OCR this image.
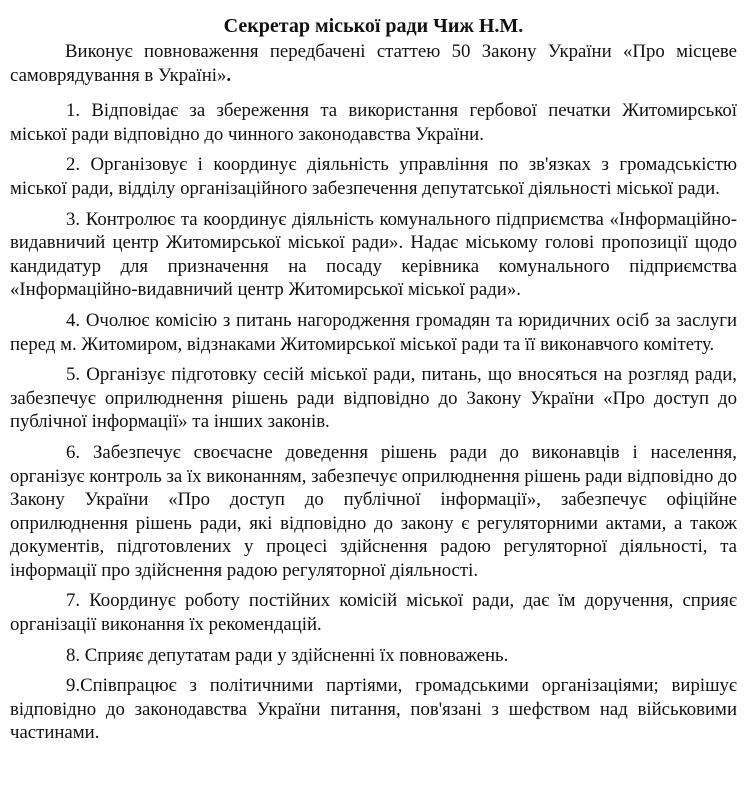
Секретар міської ради Чиж Н.М.

Виконує повноваження передбачені статтею 50 Закону України «Про місцеве самоврядування в Україні».

1. Відповідає за збереження та використання гербової печатки Житомирської міської ради відповідно до чинного законодавства України.

2. Організовує і координує діяльність управління по зв'язках з громадськістю міської ради, відділу організаційного забезпечення депутатської діяльності міської ради.

3. Контролює та координує діяльність комунального підприємства «Інформаційно-видавничий центр Житомирської міської ради». Надає міському голові пропозиції щодо кандидатур для призначення на посаду керівника комунального підприємства «Інформаційно-видавничий центр Житомирської міської ради».

4. Очолює комісію з питань нагородження громадян та юридичних осіб за заслуги перед м. Житомиром, відзнаками Житомирської міської ради та її виконавчого комітету.

5. Організує підготовку сесій міської ради, питань, що вносяться на розгляд ради, забезпечує оприлюднення рішень ради відповідно до Закону України «Про доступ до публічної інформації» та інших законів.

6. Забезпечує своєчасне доведення рішень ради до виконавців і населення, організує контроль за їх виконанням, забезпечує оприлюднення рішень ради відповідно до Закону України «Про доступ до публічної інформації», забезпечує офіційне оприлюднення рішень ради, які відповідно до закону є регуляторними актами, а також документів, підготовлених у процесі здійснення радою регуляторної діяльності, та інформації про здійснення радою регуляторної діяльності.

7. Координує роботу постійних комісій міської ради, дає їм доручення, сприяє організації виконання їх рекомендацій.

8. Сприяє депутатам ради у здійсненні їх повноважень.

9.Співпрацює з політичними партіями, громадськими організаціями; вирішує відповідно до законодавства України питання, пов'язані з шефством над військовими частинами.
